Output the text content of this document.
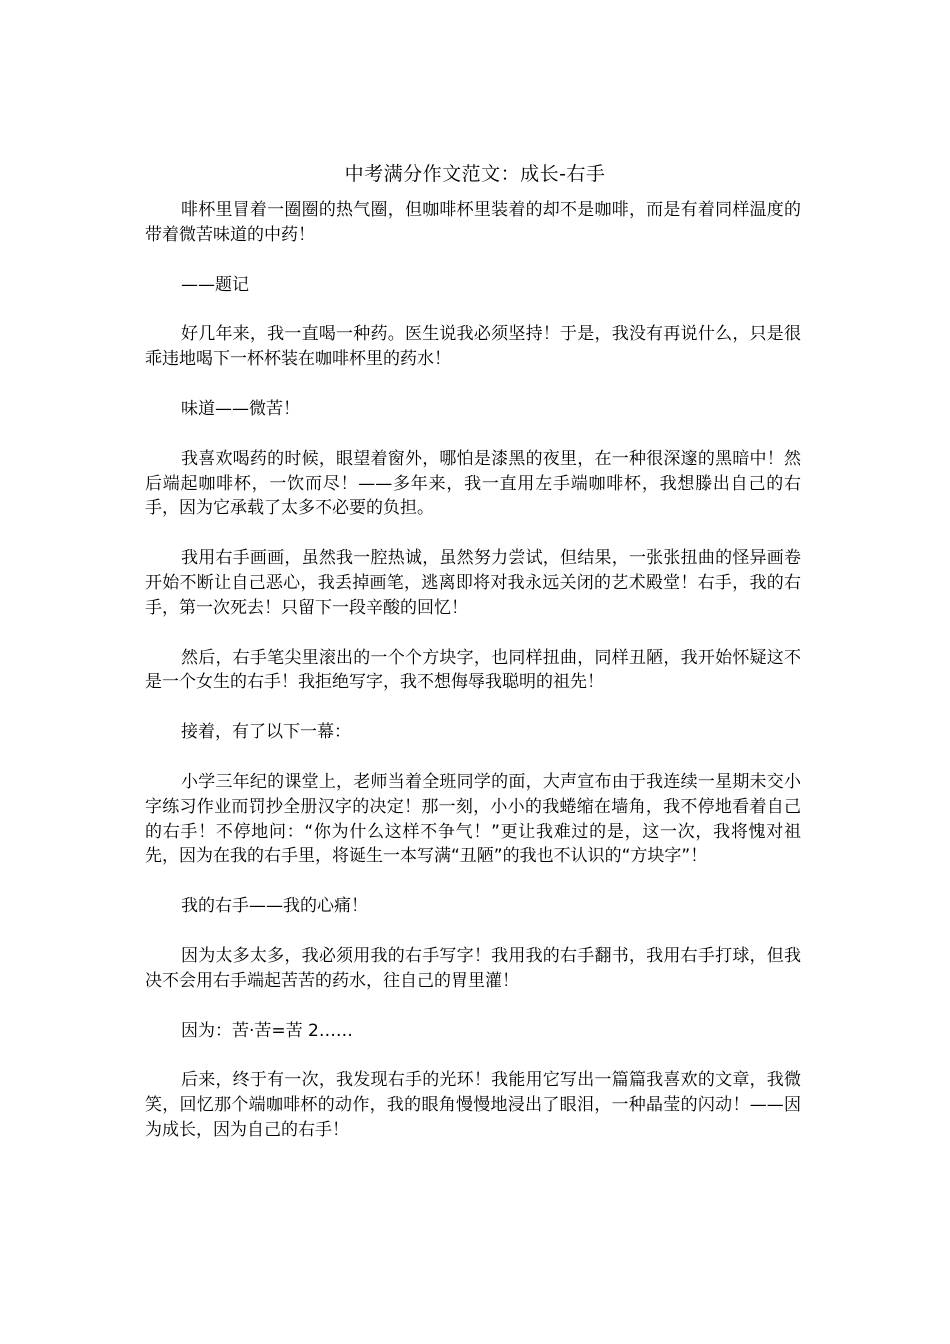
中考满分作文范文：成长-右手

啡杯里冒着一圈圈的热气圈，但咖啡杯里装着的却不是咖啡，而是有着同样温度的带着微苦味道的中药！

——题记

好几年来，我一直喝一种药。医生说我必须坚持！于是，我没有再说什么，只是很乖违地喝下一杯杯装在咖啡杯里的药水！

味道——微苦！

我喜欢喝药的时候，眼望着窗外，哪怕是漆黑的夜里，在一种很深邃的黑暗中！然后端起咖啡杯，一饮而尽！——多年来，我一直用左手端咖啡杯，我想滕出自己的右手，因为它承载了太多不必要的负担。

我用右手画画，虽然我一腔热诚，虽然努力尝试，但结果，一张张扭曲的怪异画卷开始不断让自己恶心，我丢掉画笔，逃离即将对我永远关闭的艺术殿堂！右手，我的右手，第一次死去！只留下一段辛酸的回忆！

然后，右手笔尖里滚出的一个个方块字，也同样扭曲，同样丑陋，我开始怀疑这不是一个女生的右手！我拒绝写字，我不想侮辱我聪明的祖先！

接着，有了以下一幕：

小学三年纪的课堂上，老师当着全班同学的面，大声宣布由于我连续一星期未交小字练习作业而罚抄全册汉字的决定！那一刻，小小的我蜷缩在墙角，我不停地看着自己的右手！不停地问：“你为什么这样不争气！”更让我难过的是，这一次，我将愧对祖先，因为在我的右手里，将诞生一本写满“丑陋”的我也不认识的“方块字”！

我的右手——我的心痛！

因为太多太多，我必须用我的右手写字！我用我的右手翻书，我用右手打球，但我决不会用右手端起苦苦的药水，往自己的胃里灌！

因为：苦·苦=苦 2……

后来，终于有一次，我发现右手的光环！我能用它写出一篇篇我喜欢的文章，我微笑，回忆那个端咖啡杯的动作，我的眼角慢慢地浸出了眼泪，一种晶莹的闪动！——因为成长，因为自己的右手！
